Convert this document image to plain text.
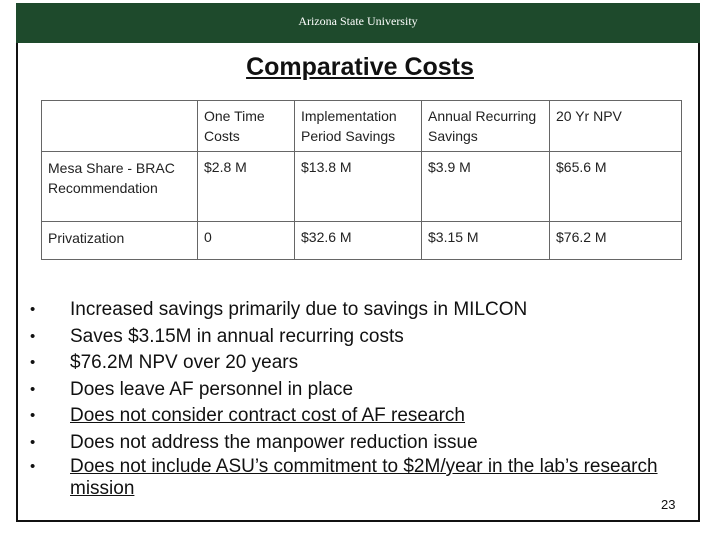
Arizona State University
Comparative Costs
	One Time Costs	Implementation Period Savings	Annual Recurring Savings	20 Yr NPV
Mesa Share - BRAC Recommendation	$2.8 M	$13.8 M	$3.9 M	$65.6 M
Privatization	0	$32.6 M	$3.15 M	$76.2 M
• Increased savings primarily due to savings in MILCON
• Saves $3.15M in annual recurring costs
• $76.2M NPV over 20 years
• Does leave AF personnel in place
• Does not consider contract cost of AF research
• Does not address the manpower reduction issue
• Does not include ASU’s commitment to $2M/year in the lab’s research mission
23
